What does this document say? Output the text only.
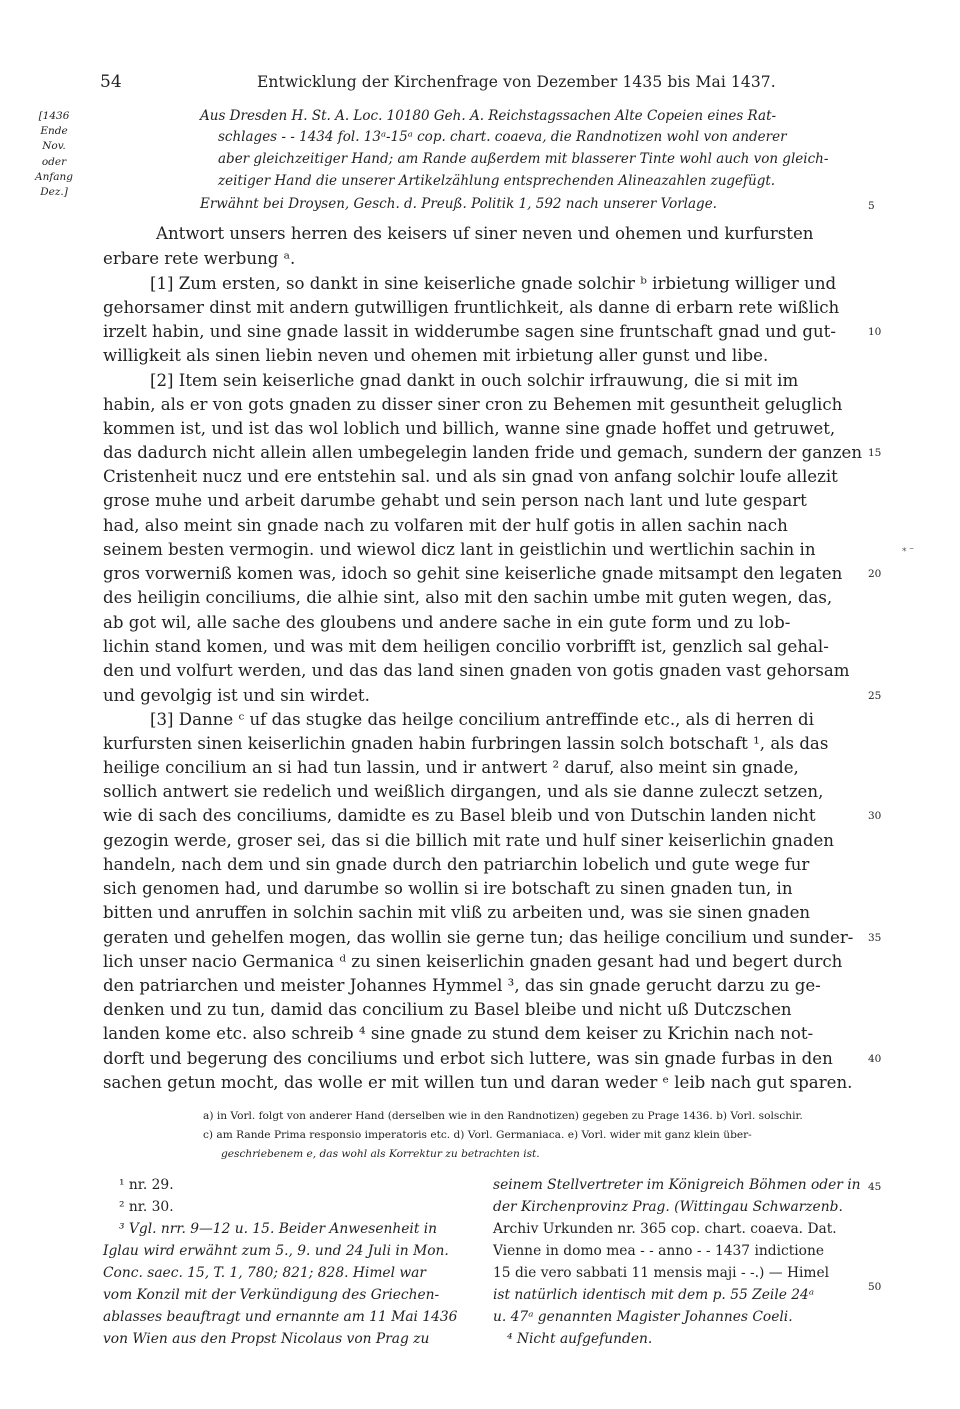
54	Entwicklung der Kirchenfrage von Dezember 1435 bis Mai 1437.
[1436
Ende
Nov.
oder
Anfang
Dez.]
Aus Dresden H. St. A. Loc. 10180 Geh. A. Reichstagssachen Alte Copeien eines Rat-
schlages - - 1434 fol. 13ᵃ-15ᵃ cop. chart. coaeva, die Randnotizen wohl von anderer
aber gleichzeitiger Hand; am Rande außerdem mit blasserer Tinte wohl auch von gleich-
zeitiger Hand die unserer Artikelzählung entsprechenden Alineazahlen zugefügt.
Erwähnt bei Droysen, Gesch. d. Preuß. Politik 1, 592 nach unserer Vorlage.
Antwort unsers herren des keisers uf siner neven und ohemen und kurfursten
erbare rete werbung ᵃ.
[1] Zum ersten, so dankt in sine keiserliche gnade solchir ᵇ irbietung williger und
gehorsamer dinst mit andern gutwilligen fruntlichkeit, als danne di erbarn rete wißlich
irzelt habin, und sine gnade lassit in widderumbe sagen sine fruntschaft gnad und gut-
willigkeit als sinen liebin neven und ohemen mit irbietung aller gunst und libe.
[2] Item sein keiserliche gnad dankt in ouch solchir irfrauwung, die si mit im
habin, als er von gots gnaden zu disser siner cron zu Behemen mit gesuntheit geluglich
kommen ist, und ist das wol loblich und billich, wanne sine gnade hoffet und getruwet,
das dadurch nicht allein allen umbegelegin landen fride und gemach, sundern der ganzen
Cristenheit nucz und ere entstehin sal. und als sin gnad von anfang solchir loufe allezit
grose muhe und arbeit darumbe gehabt und sein person nach lant und lute gespart
had, also meint sin gnade nach zu volfaren mit der hulf gotis in allen sachin nach
seinem besten vermogin. und wiewol dicz lant in geistlichin und wertlichin sachin in
gros vorwerniß komen was, idoch so gehit sine keiserliche gnade mitsampt den legaten
des heiligin conciliums, die alhie sint, also mit den sachin umbe mit guten wegen, das,
ab got wil, alle sache des gloubens und andere sache in ein gute form und zu lob-
lichin stand komen, und was mit dem heiligen concilio vorbrifft ist, genzlich sal gehal-
den und volfurt werden, und das das land sinen gnaden von gotis gnaden vast gehorsam
und gevolgig ist und sin wirdet.
[3] Danne ᶜ uf das stugke das heilge concilium antreffinde etc., als di herren di
kurfursten sinen keiserlichin gnaden habin furbringen lassin solch botschaft ¹, als das
heilige concilium an si had tun lassin, und ir antwert ² daruf, also meint sin gnade,
sollich antwert sie redelich und weißlich dirgangen, und als sie danne zuleczt setzen,
wie di sach des conciliums, damidte es zu Basel bleib und von Dutschin landen nicht
gezogin werde, groser sei, das si die billich mit rate und hulf siner keiserlichin gnaden
handeln, nach dem und sin gnade durch den patriarchin lobelich und gute wege fur
sich genomen had, und darumbe so wollin si ire botschaft zu sinen gnaden tun, in
bitten und anruffen in solchin sachin mit vliß zu arbeiten und, was sie sinen gnaden
geraten und gehelfen mogen, das wollin sie gerne tun; das heilige concilium und sunder-
lich unser nacio Germanica ᵈ zu sinen keiserlichin gnaden gesant had und begert durch
den patriarchen und meister Johannes Hymmel ³, das sin gnade gerucht darzu zu ge-
denken und zu tun, damid das concilium zu Basel bleibe und nicht uß Dutczschen
landen kome etc. also schreib ⁴ sine gnade zu stund dem keiser zu Krichin nach not-
dorft und begerung des conciliums und erbot sich luttere, was sin gnade furbas in den
sachen getun mocht, das wolle er mit willen tun und daran weder ᵉ leib nach gut sparen.
5
10
15
20
25
30
35
40
45
50
⁎ –
a) in Vorl. folgt von anderer Hand (derselben wie in den Randnotizen) gegeben zu Prage 1436. b) Vorl. solschir.
c) am Rande Prima responsio imperatoris etc. d) Vorl. Germaniaca. e) Vorl. wider mit ganz klein über-
geschriebenem e, das wohl als Korrektur zu betrachten ist.
¹ nr. 29.
² nr. 30.
³ Vgl. nrr. 9—12 u. 15. Beider Anwesenheit in
Iglau wird erwähnt zum 5., 9. und 24 Juli in Mon.
Conc. saec. 15, T. 1, 780; 821; 828. Himel war
vom Konzil mit der Verkündigung des Griechen-
ablasses beauftragt und ernannte am 11 Mai 1436
von Wien aus den Propst Nicolaus von Prag zu
seinem Stellvertreter im Königreich Böhmen oder in
der Kirchenprovinz Prag. (Wittingau Schwarzenb.
Archiv Urkunden nr. 365 cop. chart. coaeva. Dat.
Vienne in domo mea - - anno - - 1437 indictione
15 die vero sabbati 11 mensis maji - -.) — Himel
ist natürlich identisch mit dem p. 55 Zeile 24ᵃ
u. 47ᵃ genannten Magister Johannes Coeli.
⁴ Nicht aufgefunden.
